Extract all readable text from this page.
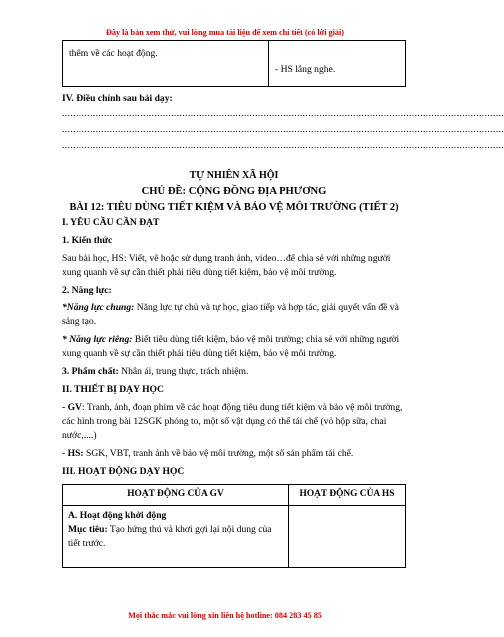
Đây là bản xem thử, vui lòng mua tài liệu để xem chi tiết (có lời giải)
thêm về các hoạt động.	- HS lắng nghe.
IV. Điều chỉnh sau bài dạy:
..............................................................................................................................................................
..............................................................................................................................................................
..............................................................................................................................................................
TỰ NHIÊN XÃ HỘI
CHỦ ĐỀ: CỘNG ĐỒNG ĐỊA PHƯƠNG
BÀI 12: TIÊU DÙNG TIẾT KIỆM VÀ BẢO VỆ MÔI TRƯỜNG (TIẾT 2)
I. YÊU CẦU CẦN ĐẠT

1. Kiến thức

Sau bài học, HS: Viết, vẽ hoặc sử dụng tranh ảnh, video…để chia sẻ với những người xung quanh về sự cần thiết phải tiêu dùng tiết kiệm, bảo vệ môi trường.

2. Năng lực:

*Năng lực chung: Năng lực tự chủ và tự học, giao tiếp và hợp tác, giải quyết vấn đề và sáng tạo.

* Năng lực riêng: Biết tiêu dùng tiết kiệm, bảo vệ môi trường; chia sẻ với những người xung quanh về sự cần thiết phải tiêu dùng tiết kiệm, bảo vệ môi trường.

3. Phẩm chất: Nhân ái, trung thực, trách nhiệm.

II. THIẾT BỊ DẠY HỌC

- GV: Tranh, ảnh, đoạn phim về các hoạt động tiêu dung tiết kiệm và bảo vệ môi trường, các hình trong bài 12SGK phóng to, một số vật dụng có thể tái chế (vỏ hộp sữa, chai nước,....)

- HS: SGK, VBT, tranh ảnh về bảo vệ môi trường, một số sản phẩm tái chế.

III. HOẠT ĐỘNG DẠY HỌC

HOẠT ĐỘNG CỦA GV	HOẠT ĐỘNG CỦA HS

A. Hoạt động khởi động
Mục tiêu: Tạo hứng thú và khơi gợi lại nội dung của tiết trước.	

Mọi thắc mắc vui lòng xin liên hệ hotline: 084 283 45 85
